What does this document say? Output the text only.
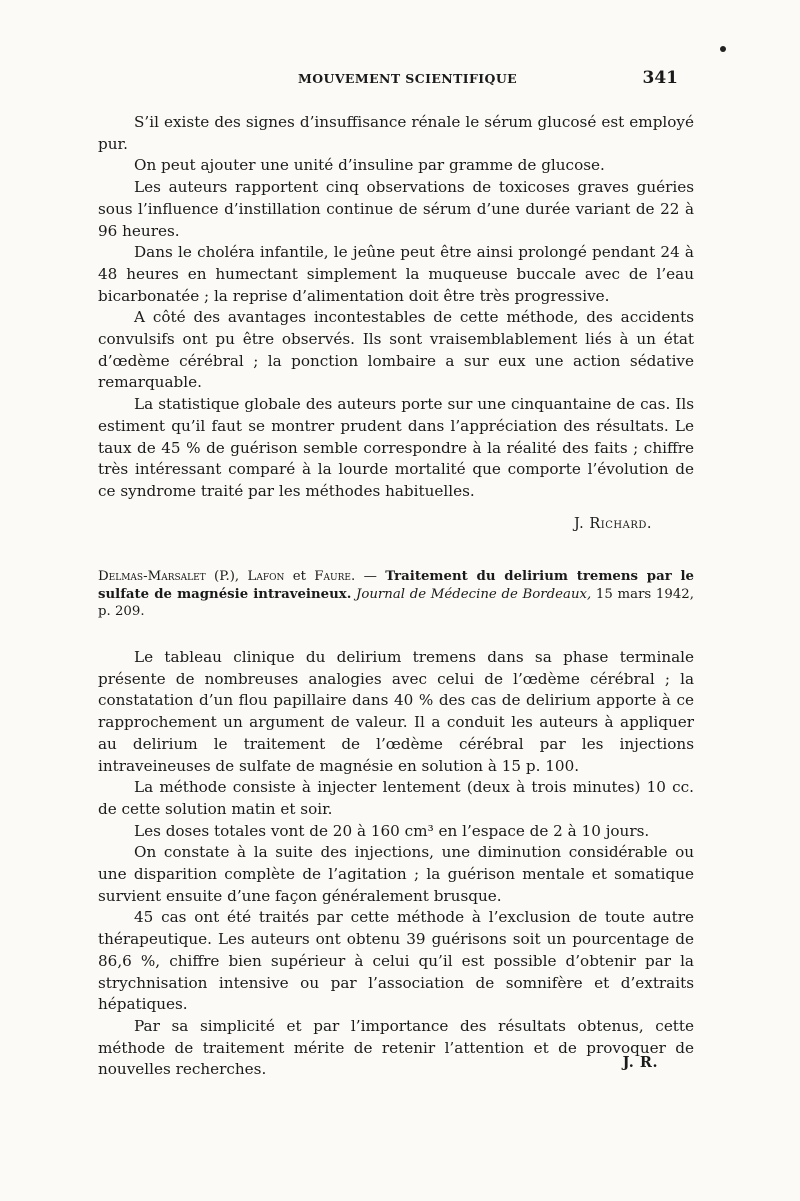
MOUVEMENT SCIENTIFIQUE	341

S’il existe des signes d’insuffisance rénale le sérum glucosé est employé pur.

On peut ajouter une unité d’insuline par gramme de glucose.

Les auteurs rapportent cinq observations de toxicoses graves guéries sous l’influence d’instillation continue de sérum d’une durée variant de 22 à 96 heures.

Dans le choléra infantile, le jeûne peut être ainsi prolongé pendant 24 à 48 heures en humectant simplement la muqueuse buccale avec de l’eau bicarbonatée ; la reprise d’alimentation doit être très progressive.

A côté des avantages incontestables de cette méthode, des accidents convulsifs ont pu être observés. Ils sont vraisemblablement liés à un état d’œdème cérébral ; la ponction lombaire a sur eux une action sédative remarquable.

La statistique globale des auteurs porte sur une cinquantaine de cas. Ils estiment qu’il faut se montrer prudent dans l’appréciation des résultats. Le taux de 45 % de guérison semble correspondre à la réalité des faits ; chiffre très intéressant comparé à la lourde mortalité que comporte l’évolution de ce syndrome traité par les méthodes habituelles.

J. Richard.
Delmas-Marsalet (P.), Lafon et Faure. — Traitement du delirium tremens par le sulfate de magnésie intraveineux. Journal de Médecine de Bordeaux, 15 mars 1942, p. 209.

Le tableau clinique du delirium tremens dans sa phase terminale présente de nombreuses analogies avec celui de l’œdème cérébral ; la constatation d’un flou papillaire dans 40 % des cas de delirium apporte à ce rapprochement un argument de valeur. Il a conduit les auteurs à appliquer au delirium le traitement de l’œdème cérébral par les injections intraveineuses de sulfate de magnésie en solution à 15 p. 100.

La méthode consiste à injecter lentement (deux à trois minutes) 10 cc. de cette solution matin et soir.

Les doses totales vont de 20 à 160 cm³ en l’espace de 2 à 10 jours.

On constate à la suite des injections, une diminution considérable ou une disparition complète de l’agitation ; la guérison mentale et somatique survient ensuite d’une façon généralement brusque.

45 cas ont été traités par cette méthode à l’exclusion de toute autre thérapeutique. Les auteurs ont obtenu 39 guérisons soit un pourcentage de 86,6 %, chiffre bien supérieur à celui qu’il est possible d’obtenir par la strychnisation intensive ou par l’association de somnifère et d’extraits hépatiques.

Par sa simplicité et par l’importance des résultats obtenus, cette méthode de traitement mérite de retenir l’attention et de provoquer de nouvelles recherches.	J. R.
